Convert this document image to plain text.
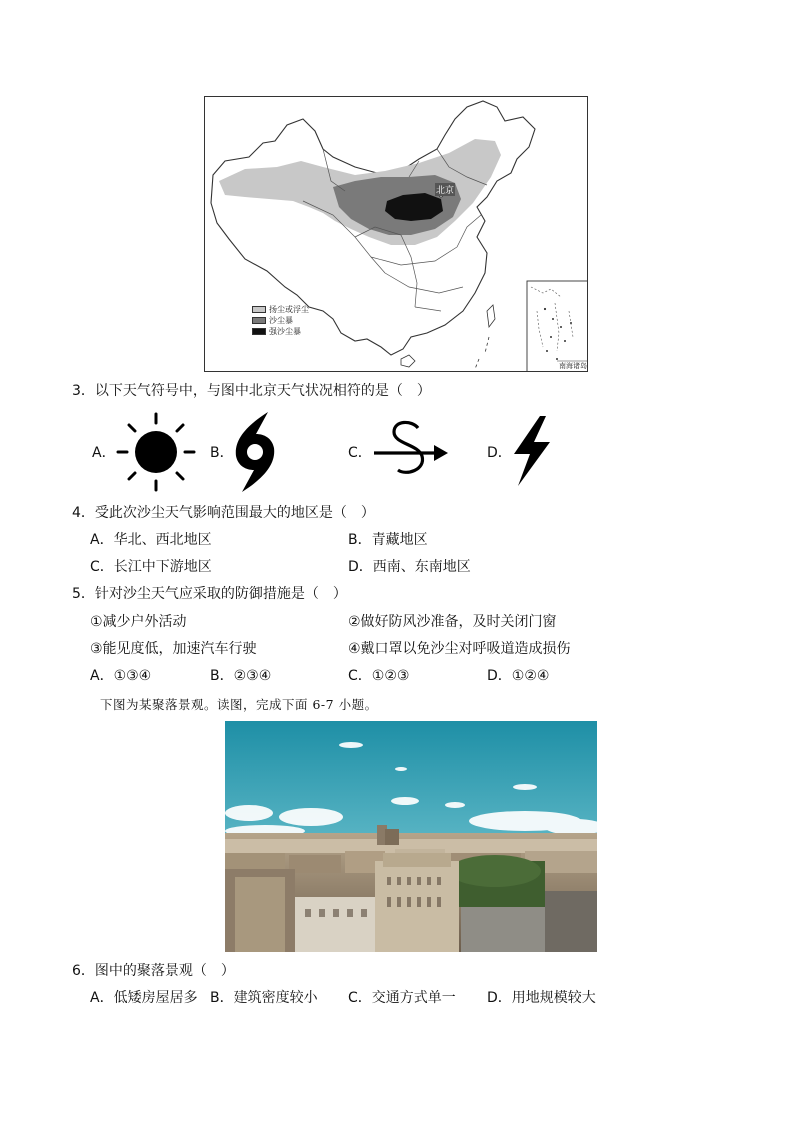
北京
南海诸岛
扬尘或浮尘
沙尘暴
强沙尘暴
3．以下天气符号中，与图中北京天气状况相符的是（　）
A．	B．	C．	D．
4．受此次沙尘天气影响范围最大的地区是（　）
A．华北、西北地区	B．青藏地区
C．长江中下游地区	D．西南、东南地区
5．针对沙尘天气应采取的防御措施是（　）
①减少户外活动	②做好防风沙准备，及时关闭门窗
③能见度低，加速汽车行驶	④戴口罩以免沙尘对呼吸道造成损伤
A．①③④	B．②③④	C．①②③	D．①②④
下图为某聚落景观。读图，完成下面 6-7 小题。
6．图中的聚落景观（　）
A．低矮房屋居多 B．建筑密度较小 C．交通方式单一 D．用地规模较大
